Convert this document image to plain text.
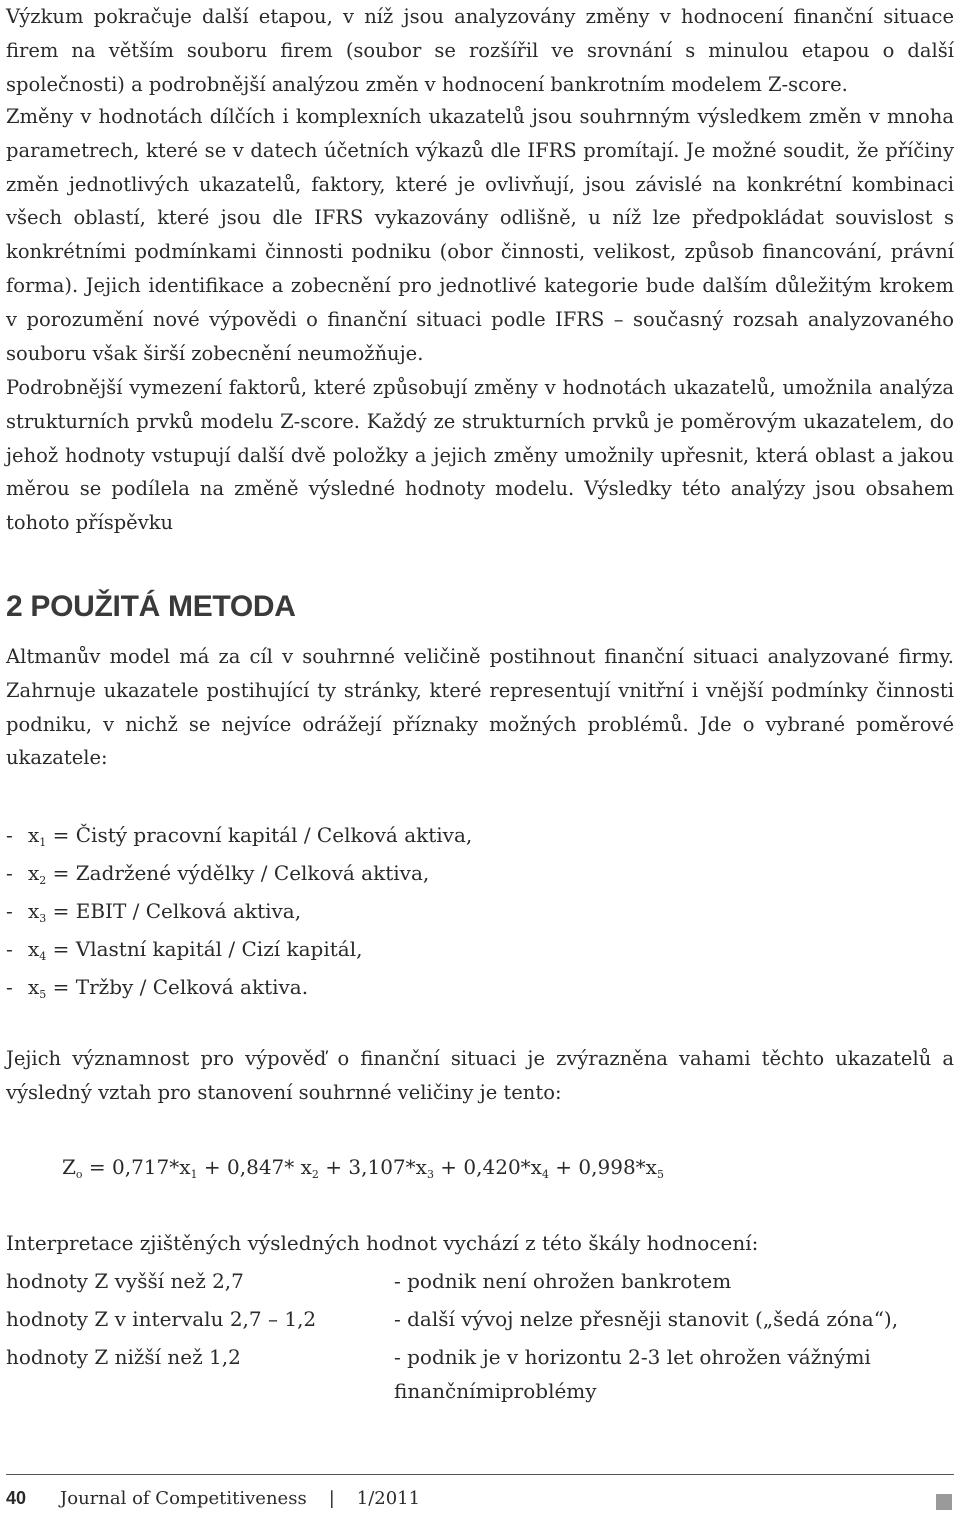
Výzkum pokračuje další etapou, v níž jsou analyzovány změny v hodnocení finanční situace firem na větším souboru firem (soubor se rozšířil ve srovnání s minulou etapou o další společnosti) a podrobnější analýzou změn v hodnocení bankrotním modelem Z-score.

Změny v hodnotách dílčích i komplexních ukazatelů jsou souhrnným výsledkem změn v mnoha parametrech, které se v datech účetních výkazů dle IFRS promítají. Je možné soudit, že příčiny změn jednotlivých ukazatelů, faktory, které je ovlivňují, jsou závislé na konkrétní kombinaci všech oblastí, které jsou dle IFRS vykazovány odlišně, u níž lze předpokládat souvislost s konkrétními podmínkami činnosti podniku (obor činnosti, velikost, způsob financování, právní forma). Jejich identifikace a zobecnění pro jednotlivé kategorie bude dalším důležitým krokem v porozumění nové výpovědi o finanční situaci podle IFRS – současný rozsah analyzovaného souboru však širší zobecnění neumožňuje.

Podrobnější vymezení faktorů, které způsobují změny v hodnotách ukazatelů, umožnila analýza strukturních prvků modelu Z-score. Každý ze strukturních prvků je poměrovým ukazatelem, do jehož hodnoty vstupují další dvě položky a jejich změny umožnily upřesnit, která oblast a jakou měrou se podílela na změně výsledné hodnoty modelu. Výsledky této analýzy jsou obsahem tohoto příspěvku

2 POUŽITÁ METODA

Altmanův model má za cíl v souhrnné veličině postihnout finanční situaci analyzované firmy. Zahrnuje ukazatele postihující ty stránky, které representují vnitřní i vnější podmínky činnosti podniku, v nichž se nejvíce odrážejí příznaky možných problémů. Jde o vybrané poměrové ukazatele:

- $x_1$ = Čistý pracovní kapitál / Celková aktiva,
- $x_2$ = Zadržené výdělky / Celková aktiva,
- $x_3$ = EBIT / Celková aktiva,
- $x_4$ = Vlastní kapitál / Cizí kapitál,
- $x_5$ = Tržby / Celková aktiva.

Jejich významnost pro výpověď o finanční situaci je zvýrazněna vahami těchto ukazatelů a výsledný vztah pro stanovení souhrnné veličiny je tento:

$Z_o = 0,717*x_1 + 0,847*$ $x_2 + 3,107*x_3 + 0,420*x_4 + 0,998*x_5$

Interpretace zjištěných výsledných hodnot vychází z této škály hodnocení:

hodnoty Z vyšší než 2,7	- podnik není ohrožen bankrotem
hodnoty Z v intervalu 2,7 – 1,2	- další vývoj nelze přesněji stanovit („šedá zóna“),
hodnoty Z nižší než 1,2	- podnik je v horizontu 2-3 let ohrožen vážnými finančnímiproblémy
40 Journal of Competitiveness | 1/2011
